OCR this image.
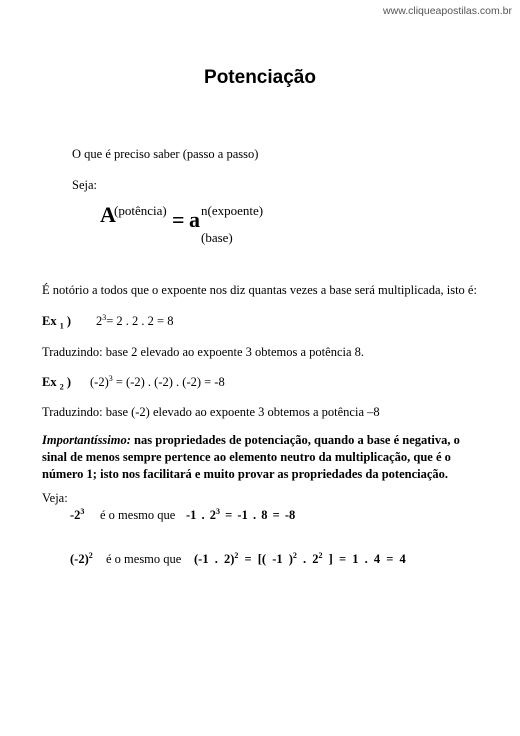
www.cliqueapostilas.com.br
Potenciação
O que é preciso saber (passo a passo)
Seja:
A
(potência) = a n(expoente)
(base)
É notório a todos que o expoente nos diz quantas vezes a base será multiplicada, isto é:
Ex $_1$ ) $2^3= 2$ . 2 . 2 = 8
Traduzindo: base 2 elevado ao expoente 3 obtemos a potência 8.
Ex $_2$ ) $(-2)^3 = (-2)$ . (-2) . (-2) = -8
Traduzindo: base (-2) elevado ao expoente 3 obtemos a potência –8
Importantíssimo: nas propriedades de potenciação, quando a base é negativa, o sinal de menos sempre pertence ao elemento neutro da multiplicação, que é o número 1; isto nos facilitará e muito provar as propriedades da potenciação.
Veja:
$-2^3$ é o mesmo que -1 . $2^3 = -1$ . 8 = -8
$(-2)^2$ é o mesmo que (-1 . 2)$^2$ = [( -1 )$^2$ . $2^2$ ] = 1 . 4 = 4
